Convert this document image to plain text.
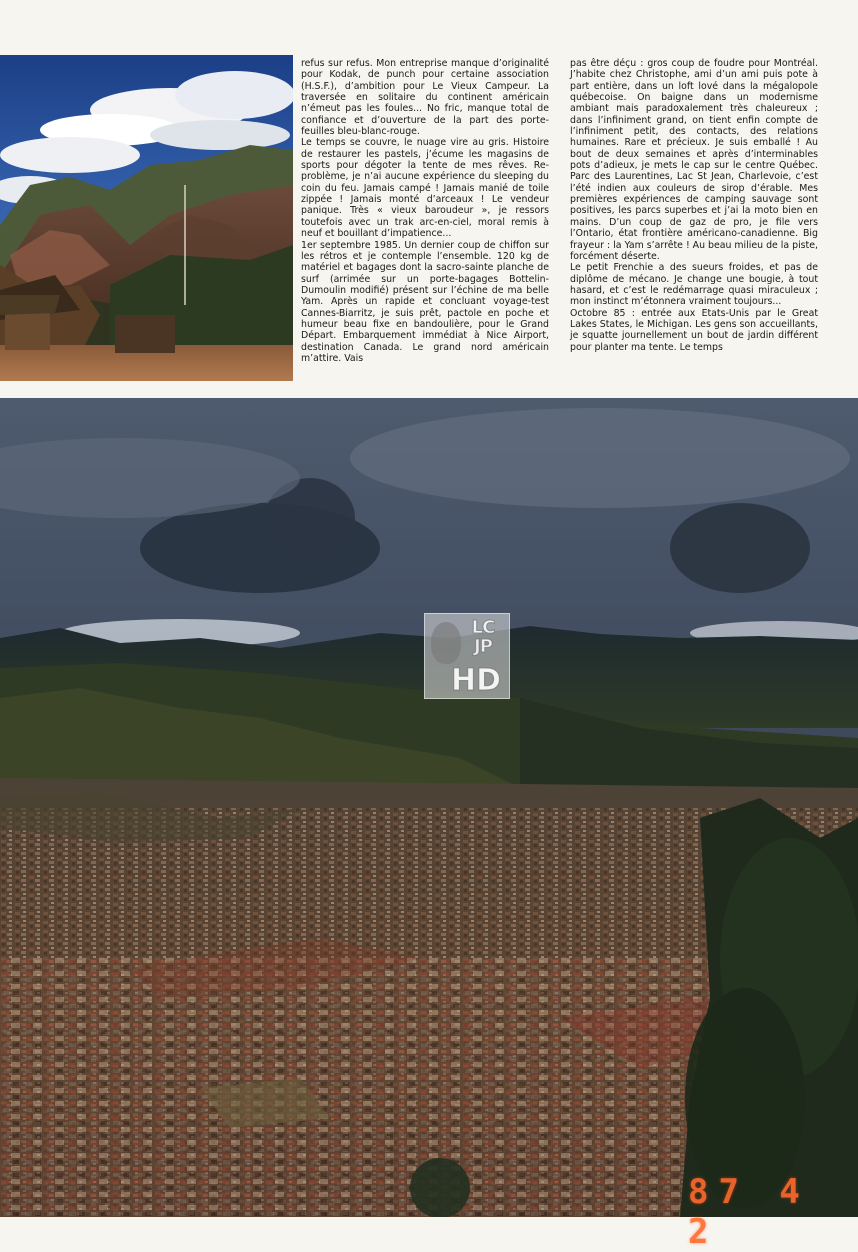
refus sur refus. Mon entreprise manque d’originalité pour Kodak, de punch pour certaine association (H.S.F.), d’ambition pour Le Vieux Campeur. La traversée en solitaire du continent américain n’émeut pas les foules... No fric, manque total de confiance et d’ouverture de la part des porte-feuilles bleu-blanc-rouge.

Le temps se couvre, le nuage vire au gris. Histoire de restaurer les pastels, j’écume les magasins de sports pour dégoter la tente de mes rêves. Re-problème, je n’ai aucune expérience du sleeping du coin du feu. Jamais campé ! Jamais manié de toile zippée ! Jamais monté d’arceaux ! Le vendeur panique. Très « vieux baroudeur », je ressors toutefois avec un trak arc-en-ciel, moral remis à neuf et bouillant d’impatience...

1er septembre 1985. Un dernier coup de chiffon sur les rétros et je contemple l’ensemble. 120 kg de matériel et bagages dont la sacro-sainte planche de surf (arrimée sur un porte-bagages Bottelin-Dumoulin modifié) présent sur l’échine de ma belle Yam. Après un rapide et concluant voyage-test Cannes-Biarritz, je suis prêt, pactole en poche et humeur beau fixe en bandoulière, pour le Grand Départ. Embarquement immédiat à Nice Airport, destination Canada. Le grand nord américain m’attire. Vais

pas être déçu : gros coup de foudre pour Montréal. J’habite chez Christophe, ami d’un ami puis pote à part entière, dans un loft lové dans la mégalopole québecoise. On baigne dans un modernisme ambiant mais paradoxalement très chaleureux ; dans l’infiniment grand, on tient enfin compte de l’infiniment petit, des contacts, des relations humaines. Rare et précieux. Je suis emballé ! Au bout de deux semaines et après d’interminables pots d’adieux, je mets le cap sur le centre Québec. Parc des Laurentines, Lac St Jean, Charlevoie, c’est l’été indien aux couleurs de sirop d’érable. Mes premières expériences de camping sauvage sont positives, les parcs superbes et j’ai la moto bien en mains. D’un coup de gaz de pro, je file vers l’Ontario, état frontière américano-canadienne. Big frayeur : la Yam s’arrête ! Au beau milieu de la piste, forcément déserte.

Le petit Frenchie a des sueurs froides, et pas de diplôme de mécano. Je change une bougie, à tout hasard, et c’est le redémarrage quasi miraculeux ; mon instinct m’étonnera vraiment toujours...

Octobre 85 : entrée aux Etats-Unis par le Great Lakes States, le Michigan. Les gens son accueillants, je squatte journellement un bout de jardin différent pour planter ma tente. Le temps

LC JP
HD
87 4 2
